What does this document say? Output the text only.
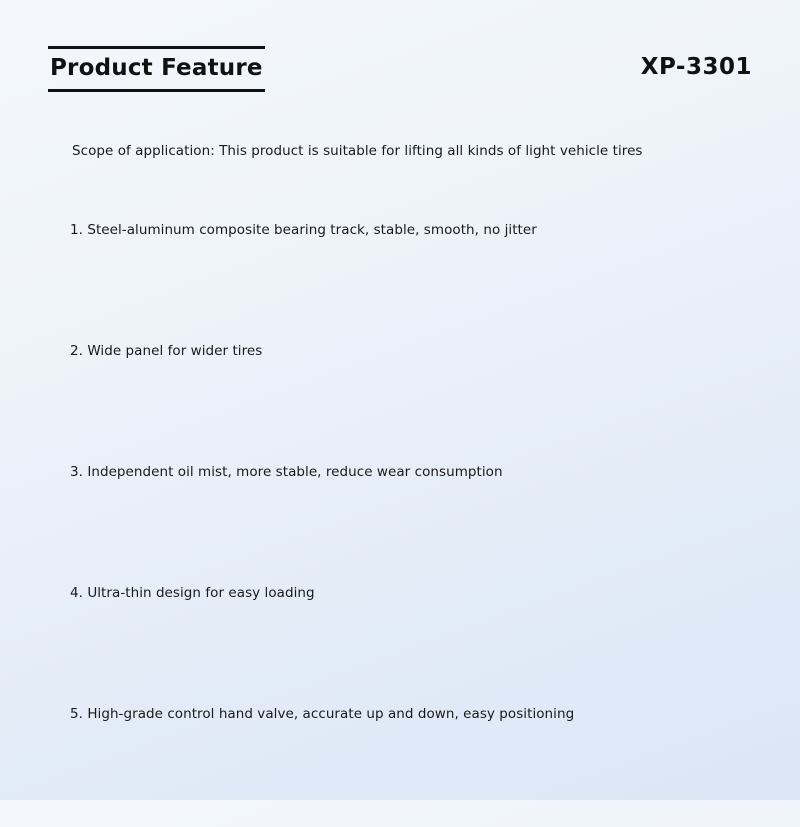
Product Feature	XP-3301
Scope of application: This product is suitable for lifting all kinds of light vehicle tires
1. Steel-aluminum composite bearing track, stable, smooth, no jitter
2. Wide panel for wider tires
3. Independent oil mist, more stable, reduce wear consumption
4. Ultra-thin design for easy loading
5. High-grade control hand valve, accurate up and down, easy positioning
